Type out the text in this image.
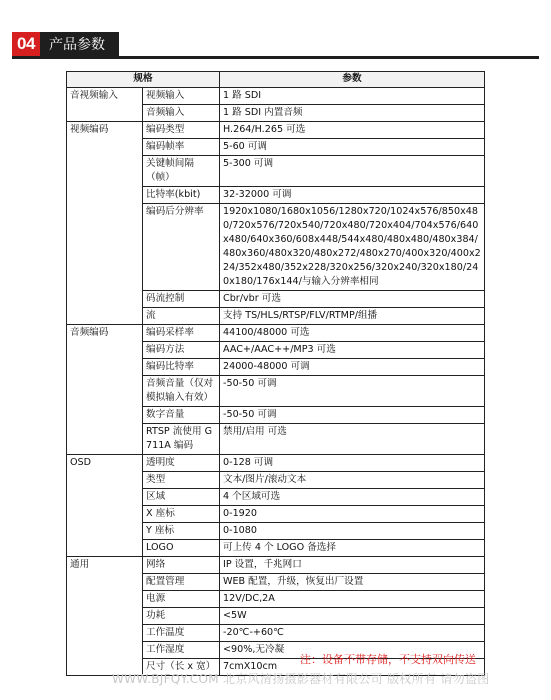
04	产品参数
规格		参数
音视频输入	视频输入	1 路 SDI
	音频输入	1 路 SDI 内置音频
视频编码	编码类型	H.264/H.265 可选
	编码帧率	5-60 可调
	关键帧间隔（帧）	5-300 可调
	比特率(kbit)	32-32000 可调
	编码后分辨率	1920x1080/1680x1056/1280x720/1024x576/850x480/720x576/720x540/720x480/720x404/704x576/640x480/640x360/608x448/544x480/480x480/480x384/480x360/480x320/480x272/480x270/400x320/400x224/352x480/352x228/320x256/320x240/320x180/240x180/176x144/与输入分辨率相同
	码流控制	Cbr/vbr 可选
	流	支持 TS/HLS/RTSP/FLV/RTMP/组播
音频编码	编码采样率	44100/48000 可选
	编码方法	AAC+/AAC++/MP3 可选
	编码比特率	24000-48000 可调
	音频音量（仅对模拟输入有效）	-50-50 可调
	数字音量	-50-50 可调
	RTSP 流使用 G711A 编码	禁用/启用 可选
OSD	透明度	0-128 可调
	类型	文本/图片/滚动文本
	区域	4 个区域可选
	X 座标	0-1920
	Y 座标	0-1080
	LOGO	可上传 4 个 LOGO 备选择
通用	网络	IP 设置，千兆网口
	配置管理	WEB 配置，升级，恢复出厂设置
	电源	12V/DC,2A
	功耗	<5W
	工作温度	-20℃-+60℃
	工作湿度	<90%,无冷凝
	尺寸（长 x 宽）	7cmX10cm
注：设备不带存储，不支持双向传送
WWW.BJFQY.COM 北京风清扬摄影器材有限公司 版权所有 请勿盗图
